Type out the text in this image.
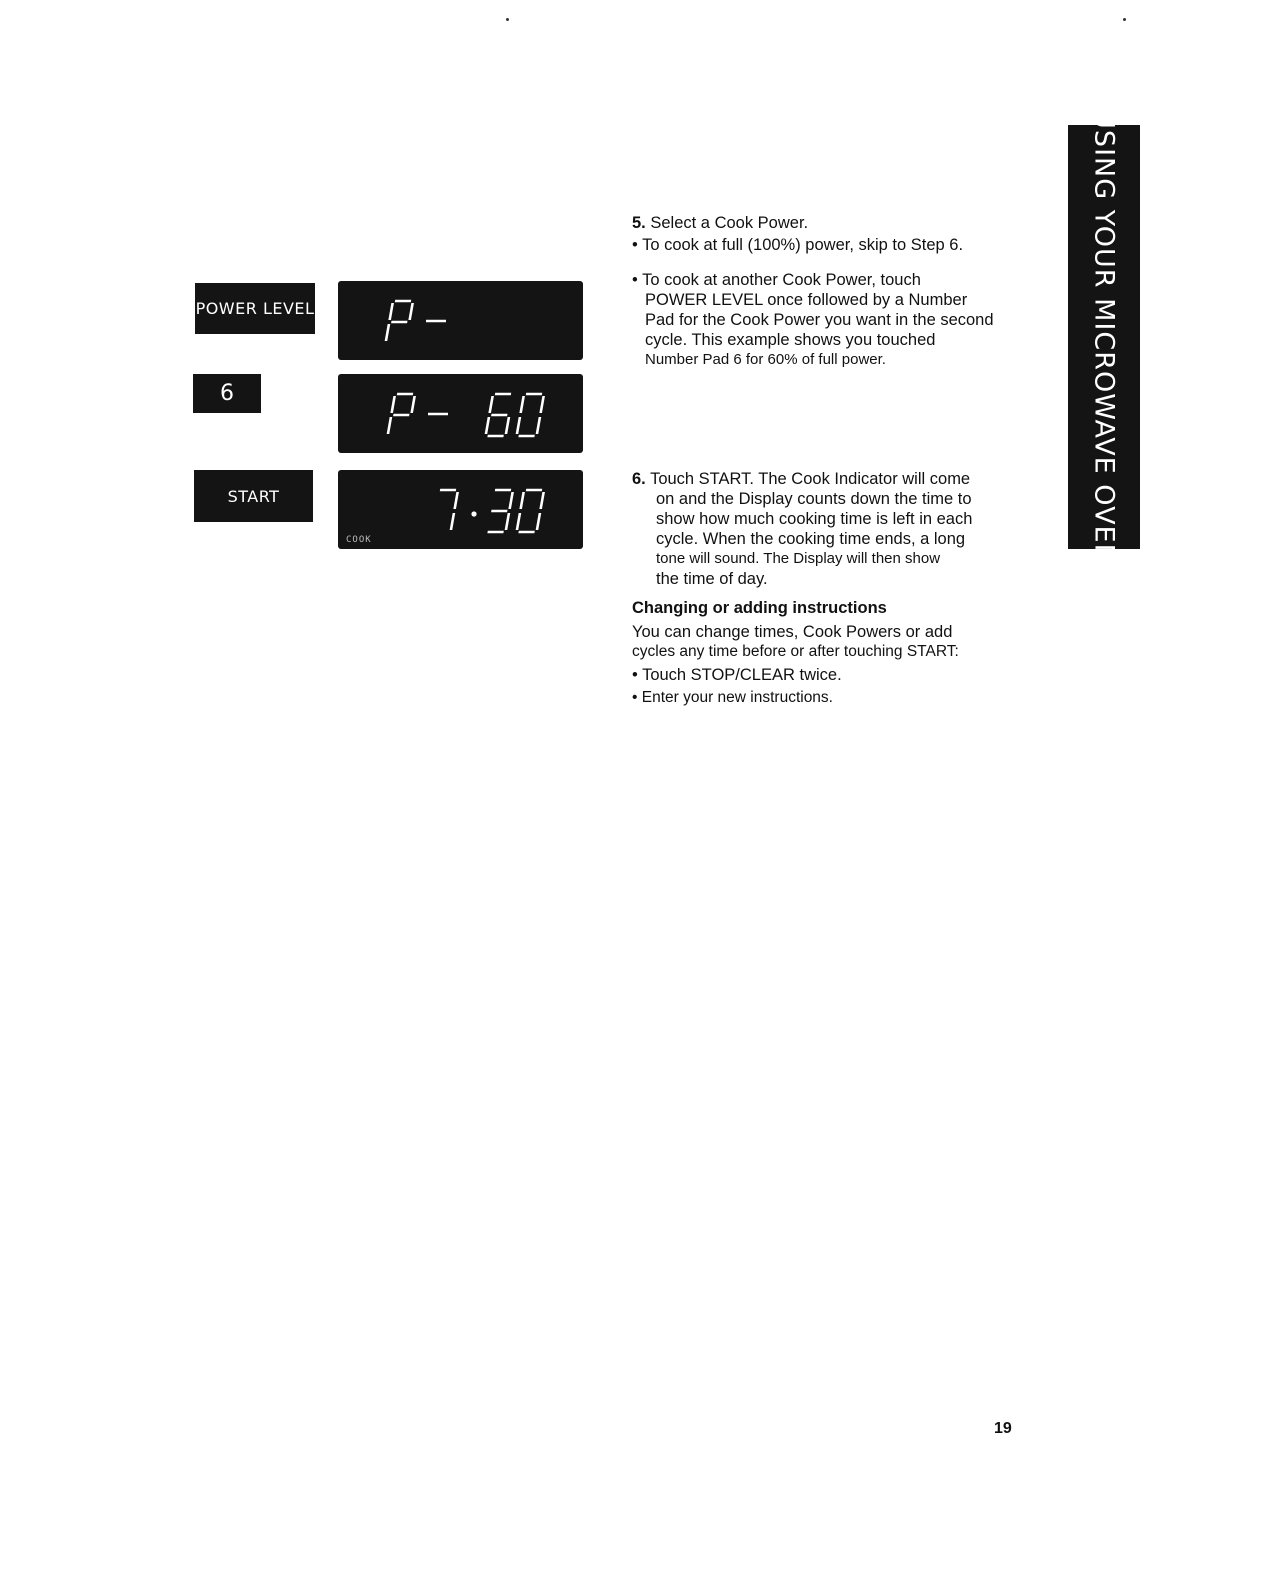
USING YOUR MICROWAVE OVEN
POWER LEVEL
6
START
COOK
5. Select a Cook Power.
• To cook at full (100%) power, skip to Step 6.
• To cook at another Cook Power, touch
POWER LEVEL once followed by a Number
Pad for the Cook Power you want in the second
cycle. This example shows you touched
Number Pad 6 for 60% of full power.
6. Touch START. The Cook Indicator will come
on and the Display counts down the time to
show how much cooking time is left in each
cycle. When the cooking time ends, a long
tone will sound. The Display will then show
the time of day.
Changing or adding instructions
You can change times, Cook Powers or add
cycles any time before or after touching START:
• Touch STOP/CLEAR twice.
• Enter your new instructions.
19
